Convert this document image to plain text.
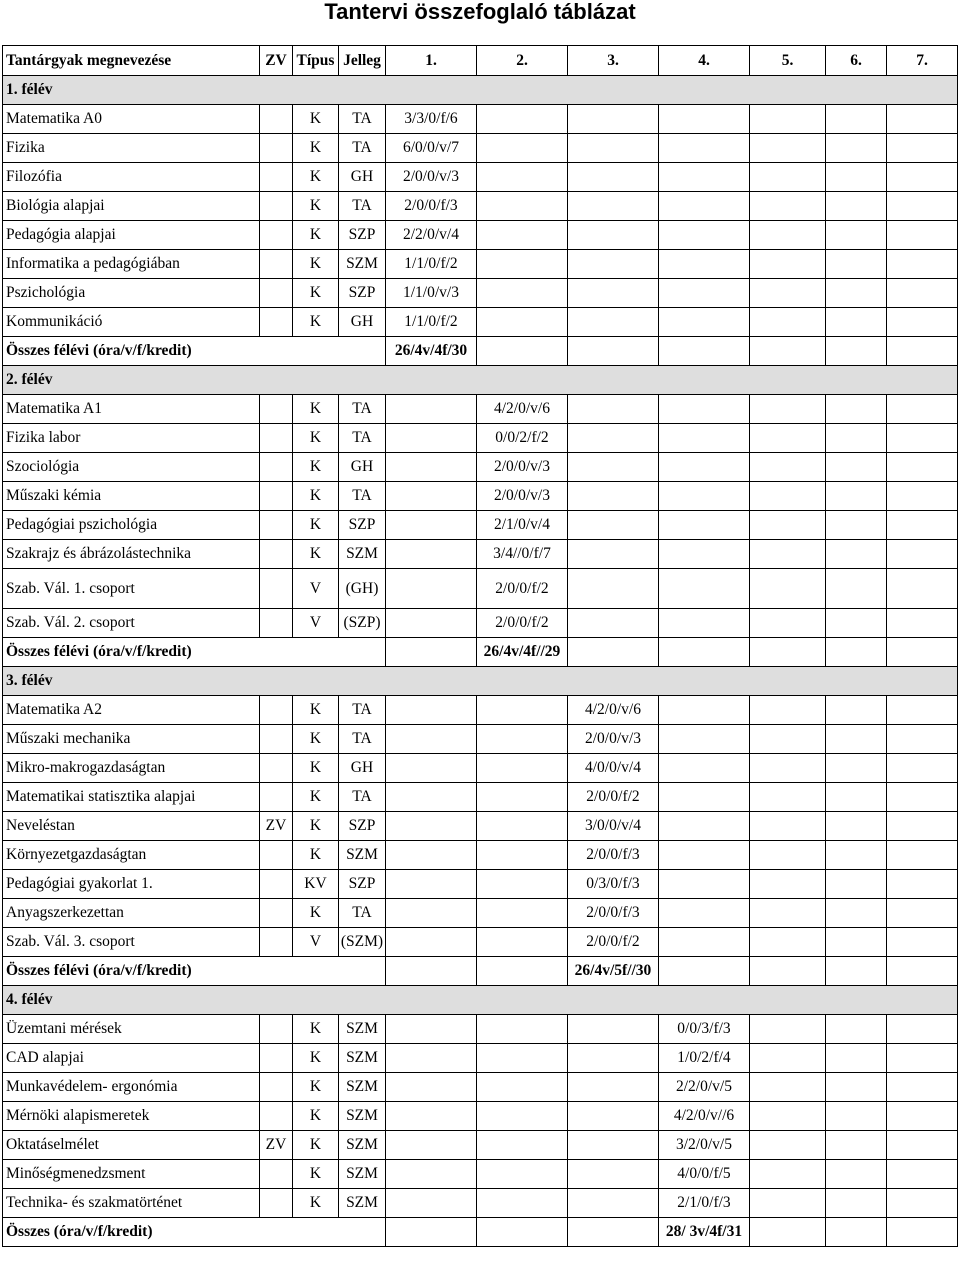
Tantervi összefoglaló táblázat
Tantárgyak megnevezése	ZV	Típus	Jelleg	1.	2.	3.	4.	5.	6.	7.
1. félév										
Matematika A0		K	TA	3/3/0/f/6						
Fizika		K	TA	6/0/0/v/7						
Filozófia		K	GH	2/0/0/v/3						
Biológia alapjai		K	TA	2/0/0/f/3						
Pedagógia alapjai		K	SZP	2/2/0/v/4						
Informatika a pedagógiában		K	SZM	1/1/0/f/2						
Pszichológia		K	SZP	1/1/0/v/3						
Kommunikáció		K	GH	1/1/0/f/2						
Összes félévi (óra/v/f/kredit)				26/4v/4f/30						
2. félév										
Matematika A1		K	TA		4/2/0/v/6					
Fizika labor		K	TA		0/0/2/f/2					
Szociológia		K	GH		2/0/0/v/3					
Műszaki kémia		K	TA		2/0/0/v/3					
Pedagógiai pszichológia		K	SZP		2/1/0/v/4					
Szakrajz és ábrázolástechnika		K	SZM		3/4//0/f/7					
Szab. Vál. 1. csoport		V	(GH)		2/0/0/f/2					
Szab. Vál. 2. csoport		V	(SZP)		2/0/0/f/2					
Összes félévi (óra/v/f/kredit)					26/4v/4f//29					
3. félév										
Matematika A2		K	TA			4/2/0/v/6				
Műszaki mechanika		K	TA			2/0/0/v/3				
Mikro-makrogazdaságtan		K	GH			4/0/0/v/4				
Matematikai statisztika alapjai		K	TA			2/0/0/f/2				
Neveléstan	ZV	K	SZP			3/0/0/v/4				
Környezetgazdaságtan		K	SZM			2/0/0/f/3				
Pedagógiai gyakorlat 1.		KV	SZP			0/3/0/f/3				
Anyagszerkezettan		K	TA			2/0/0/f/3				
Szab. Vál. 3. csoport		V	(SZM)			2/0/0/f/2				
Összes félévi (óra/v/f/kredit)						26/4v/5f//30				
4. félév										
Üzemtani mérések		K	SZM				0/0/3/f/3			
CAD alapjai		K	SZM				1/0/2/f/4			
Munkavédelem- ergonómia		K	SZM				2/2/0/v/5			
Mérnöki alapismeretek		K	SZM				4/2/0/v//6			
Oktatáselmélet	ZV	K	SZM				3/2/0/v/5			
Minőségmenedzsment		K	SZM				4/0/0/f/5			
Technika- és szakmatörténet		K	SZM				2/1/0/f/3			
Összes (óra/v/f/kredit)							28/ 3v/4f/31			
